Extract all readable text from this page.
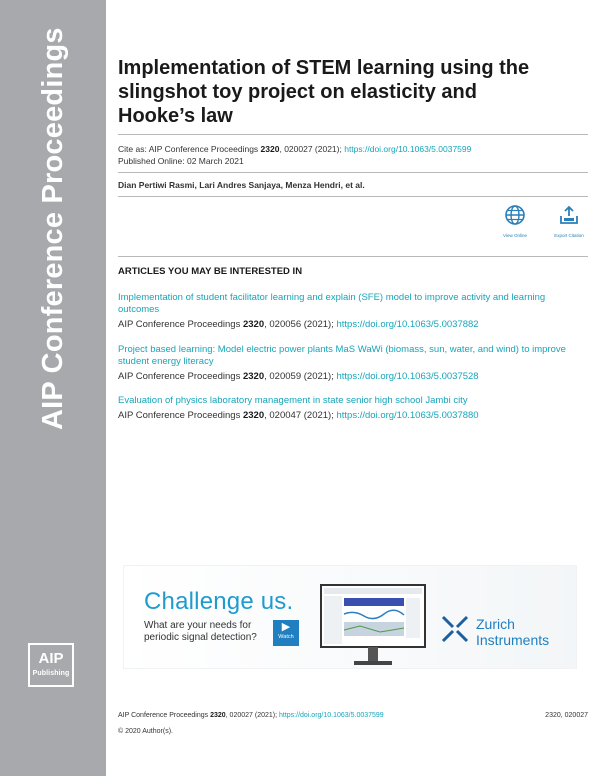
AIP Conference Proceedings
AIP
Publishing
Implementation of STEM learning using the slingshot toy project on elasticity and Hooke’s law
Cite as: AIP Conference Proceedings 2320, 020027 (2021); https://doi.org/10.1063/5.0037599
Published Online: 02 March 2021
Dian Pertiwi Rasmi, Lari Andres Sanjaya, Menza Hendri, et al.
View Online	Export Citation
ARTICLES YOU MAY BE INTERESTED IN
Implementation of student facilitator learning and explain (SFE) model to improve activity and learning outcomes
AIP Conference Proceedings 2320, 020056 (2021); https://doi.org/10.1063/5.0037882
Project based learning: Model electric power plants MaS WaWi (biomass, sun, water, and wind) to improve student energy literacy
AIP Conference Proceedings 2320, 020059 (2021); https://doi.org/10.1063/5.0037528
Evaluation of physics laboratory management in state senior high school Jambi city
AIP Conference Proceedings 2320, 020047 (2021); https://doi.org/10.1063/5.0037880
Challenge us.
What are your needs for periodic signal detection?
▶
Watch
Zurich
Instruments
AIP Conference Proceedings 2320, 020027 (2021); https://doi.org/10.1063/5.0037599	2320, 020027
© 2020 Author(s).
